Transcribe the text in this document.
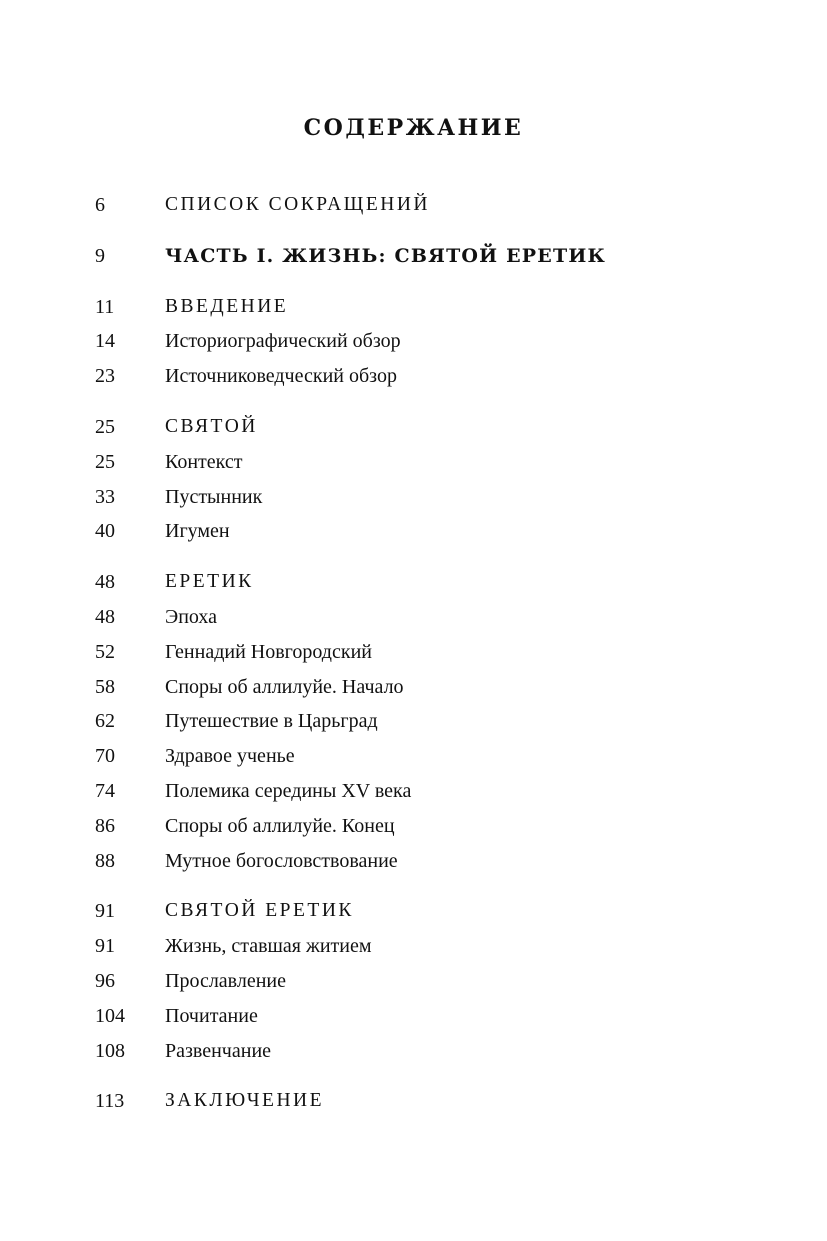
СОДЕРЖАНИЕ
6	СПИСОК СОКРАЩЕНИЙ
9	ЧАСТЬ I. ЖИЗНЬ: СВЯТОЙ ЕРЕТИК
11	ВВЕДЕНИЕ
14	Историографический обзор
23	Источниковедческий обзор
25	СВЯТОЙ
25	Контекст
33	Пустынник
40	Игумен
48	ЕРЕТИК
48	Эпоха
52	Геннадий Новгородский
58	Споры об аллилуйе. Начало
62	Путешествие в Царьград
70	Здравое ученье
74	Полемика середины XV века
86	Споры об аллилуйе. Конец
88	Мутное богословствование
91	СВЯТОЙ ЕРЕТИК
91	Жизнь, ставшая житием
96	Прославление
104 Почитание
108 Развенчание
113 ЗАКЛЮЧЕНИЕ
